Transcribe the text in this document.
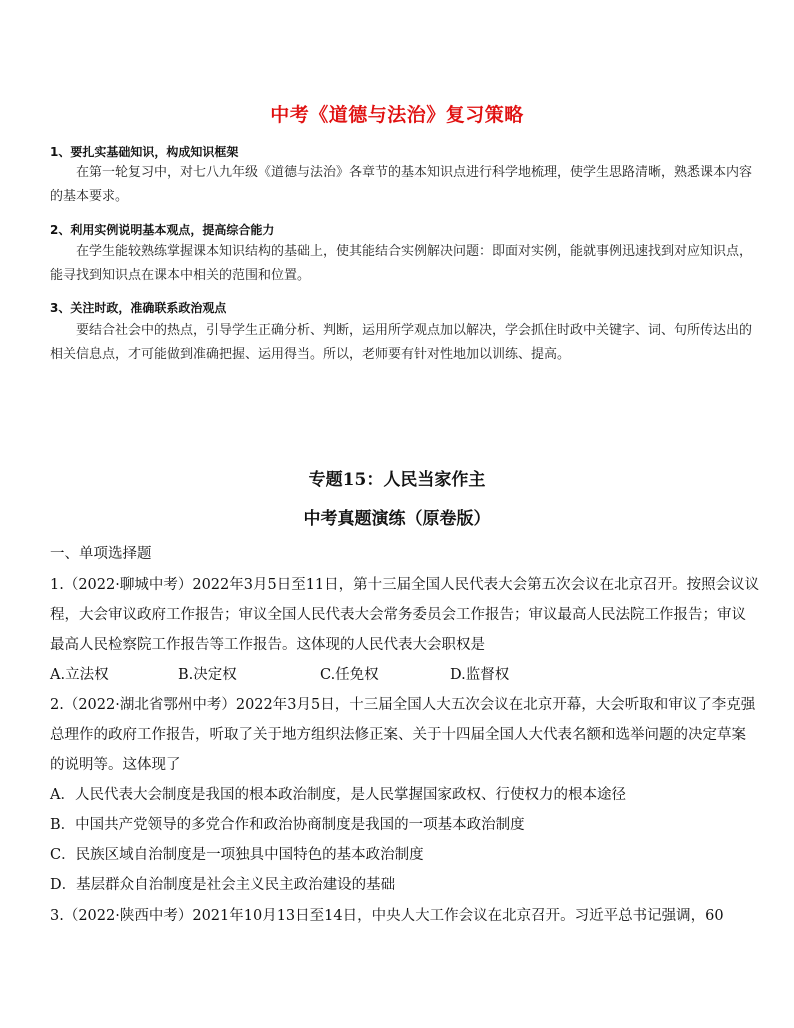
中考《道德与法治》复习策略
1、要扎实基础知识，构成知识框架
在第一轮复习中，对七八九年级《道德与法治》各章节的基本知识点进行科学地梳理，使学生思路清晰，熟悉课本内容的基本要求。
2、利用实例说明基本观点，提高综合能力
在学生能较熟练掌握课本知识结构的基础上，使其能结合实例解决问题：即面对实例，能就事例迅速找到对应知识点，能寻找到知识点在课本中相关的范围和位置。
3、关注时政，准确联系政治观点
要结合社会中的热点，引导学生正确分析、判断，运用所学观点加以解决，学会抓住时政中关键字、词、句所传达出的相关信息点，才可能做到准确把握、运用得当。所以，老师要有针对性地加以训练、提高。
专题15：人民当家作主
中考真题演练（原卷版）
一、单项选择题
1.（2022·聊城中考）2022年3月5日至11日，第十三届全国人民代表大会第五次会议在北京召开。按照会议议程，大会审议政府工作报告；审议全国人民代表大会常务委员会工作报告；审议最高人民法院工作报告；审议最高人民检察院工作报告等工作报告。这体现的人民代表大会职权是
A.立法权	B.决定权	C.任免权	D.监督权
2.（2022·湖北省鄂州中考）2022年3月5日，十三届全国人大五次会议在北京开幕，大会听取和审议了李克强总理作的政府工作报告，听取了关于地方组织法修正案、关于十四届全国人大代表名额和选举问题的决定草案的说明等。这体现了
A．人民代表大会制度是我国的根本政治制度，是人民掌握国家政权、行使权力的根本途径
B．中国共产党领导的多党合作和政治协商制度是我国的一项基本政治制度
C．民族区域自治制度是一项独具中国特色的基本政治制度
D．基层群众自治制度是社会主义民主政治建设的基础
3.（2022·陕西中考）2021年10月13日至14日，中央人大工作会议在北京召开。习近平总书记强调，60
